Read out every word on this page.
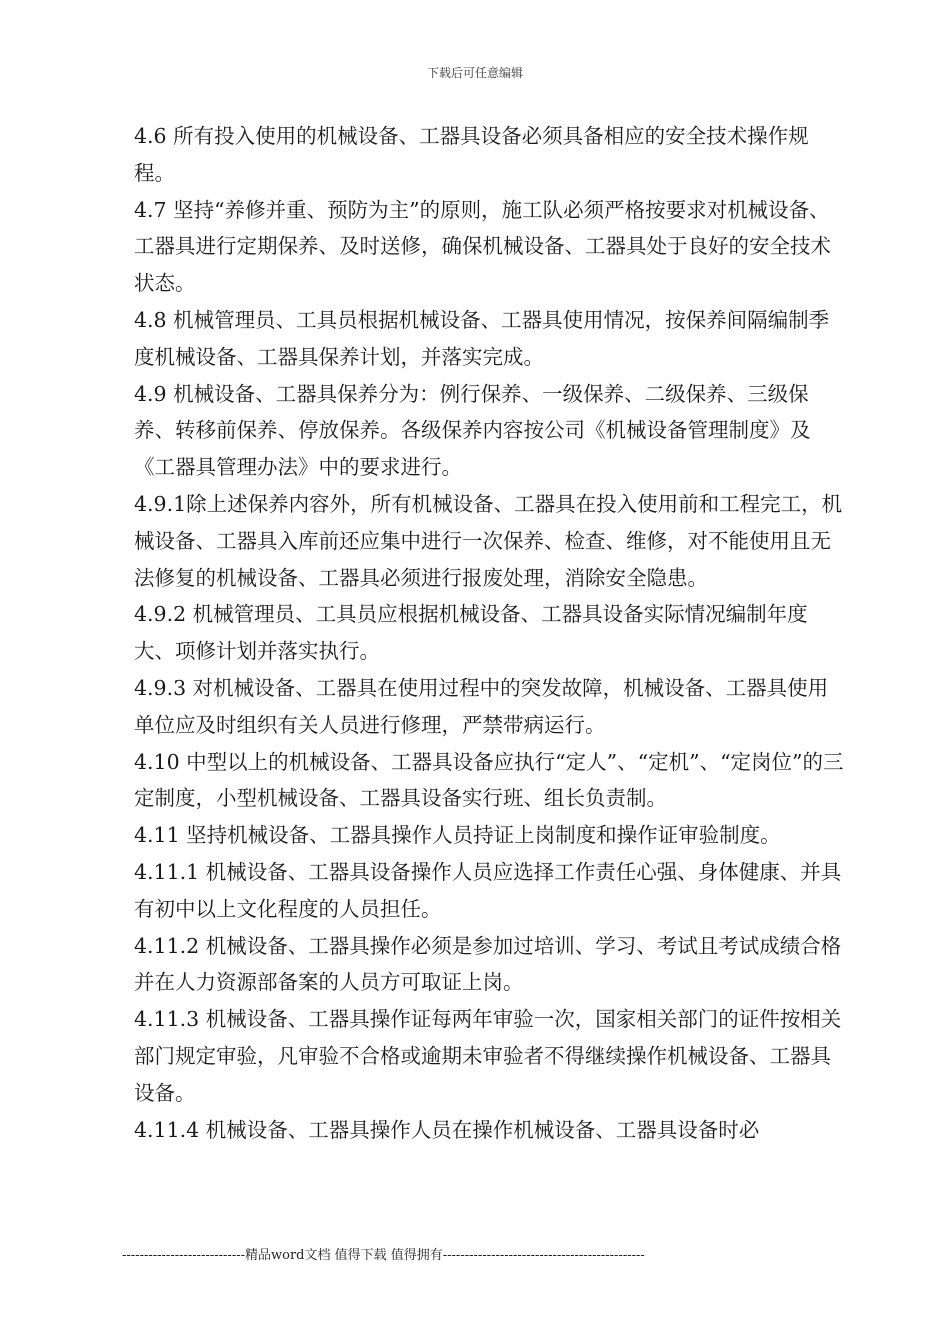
下载后可任意编辑

4.6 所有投入使用的机械设备、工器具设备必须具备相应的安全技术操作规程。

4.7 坚持“养修并重、预防为主”的原则，施工队必须严格按要求对机械设备、工器具进行定期保养、及时送修，确保机械设备、工器具处于良好的安全技术状态。

4.8 机械管理员、工具员根据机械设备、工器具使用情况，按保养间隔编制季度机械设备、工器具保养计划，并落实完成。

4.9 机械设备、工器具保养分为：例行保养、一级保养、二级保养、三级保养、转移前保养、停放保养。各级保养内容按公司《机械设备管理制度》及《工器具管理办法》中的要求进行。

4.9.1除上述保养内容外，所有机械设备、工器具在投入使用前和工程完工，机械设备、工器具入库前还应集中进行一次保养、检查、维修，对不能使用且无法修复的机械设备、工器具必须进行报废处理，消除安全隐患。

4.9.2 机械管理员、工具员应根据机械设备、工器具设备实际情况编制年度大、项修计划并落实执行。

4.9.3 对机械设备、工器具在使用过程中的突发故障，机械设备、工器具使用单位应及时组织有关人员进行修理，严禁带病运行。

4.10 中型以上的机械设备、工器具设备应执行“定人”、“定机”、“定岗位”的三定制度，小型机械设备、工器具设备实行班、组长负责制。

4.11 坚持机械设备、工器具操作人员持证上岗制度和操作证审验制度。

4.11.1 机械设备、工器具设备操作人员应选择工作责任心强、身体健康、并具有初中以上文化程度的人员担任。

4.11.2 机械设备、工器具操作必须是参加过培训、学习、考试且考试成绩合格并在人力资源部备案的人员方可取证上岗。

4.11.3 机械设备、工器具操作证每两年审验一次，国家相关部门的证件按相关部门规定审验，凡审验不合格或逾期未审验者不得继续操作机械设备、工器具设备。

4.11.4 机械设备、工器具操作人员在操作机械设备、工器具设备时必

----------------------------精品word文档 值得下载 值得拥有----------------------------------------------
